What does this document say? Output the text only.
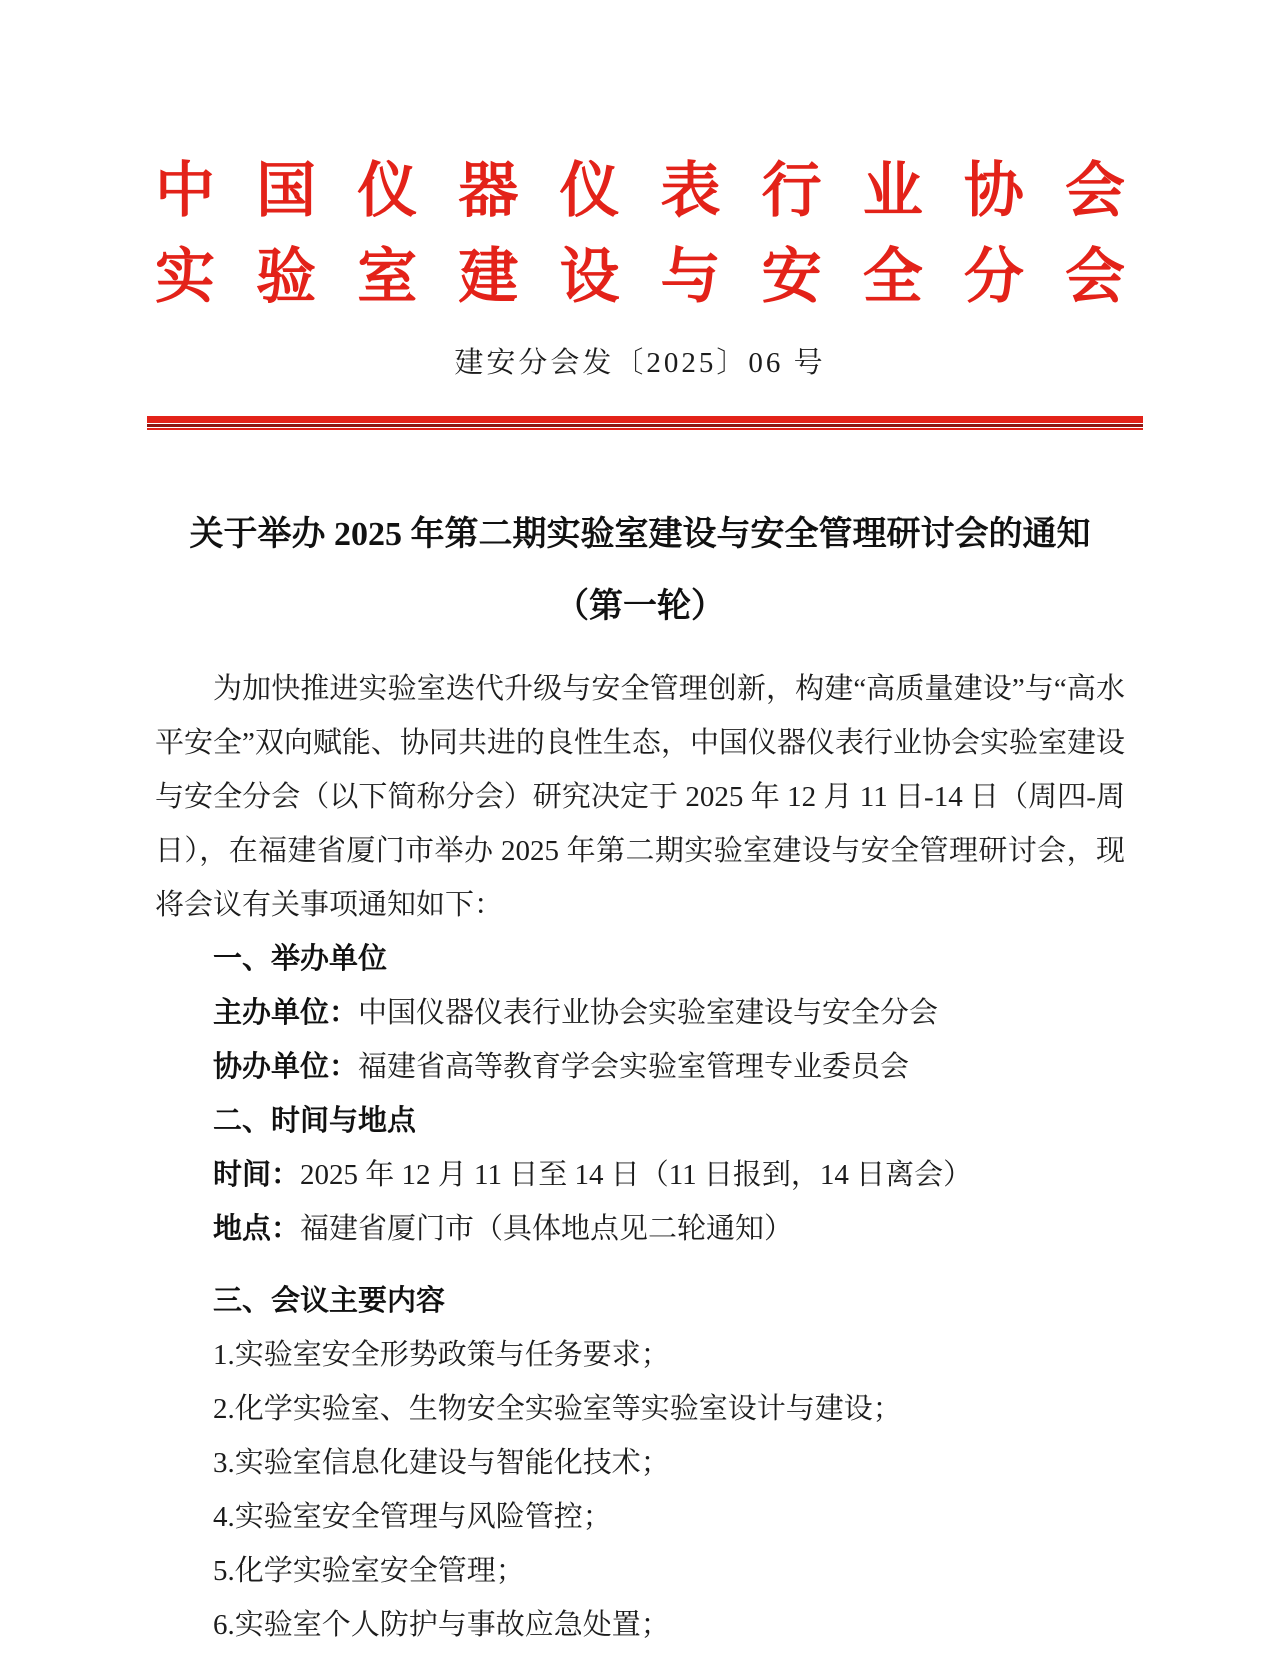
中 国 仪 器 仪 表 行 业 协 会
实 验 室 建 设 与 安 全 分 会
建安分会发〔2025〕06 号
关于举办 2025 年第二期实验室建设与安全管理研讨会的通知
（第一轮）

为加快推进实验室迭代升级与安全管理创新，构建“高质量建设”与“高水平安全”双向赋能、协同共进的良性生态，中国仪器仪表行业协会实验室建设与安全分会（以下简称分会）研究决定于 2025 年 12 月 11 日-14 日（周四-周日），在福建省厦门市举办 2025 年第二期实验室建设与安全管理研讨会，现将会议有关事项通知如下：

一、举办单位
主办单位：中国仪器仪表行业协会实验室建设与安全分会
协办单位：福建省高等教育学会实验室管理专业委员会
二、时间与地点
时间：2025 年 12 月 11 日至 14 日（11 日报到，14 日离会）
地点：福建省厦门市（具体地点见二轮通知）
三、会议主要内容
1.实验室安全形势政策与任务要求；
2.化学实验室、生物安全实验室等实验室设计与建设；
3.实验室信息化建设与智能化技术；
4.实验室安全管理与风险管控；
5.化学实验室安全管理；
6.实验室个人防护与事故应急处置；
